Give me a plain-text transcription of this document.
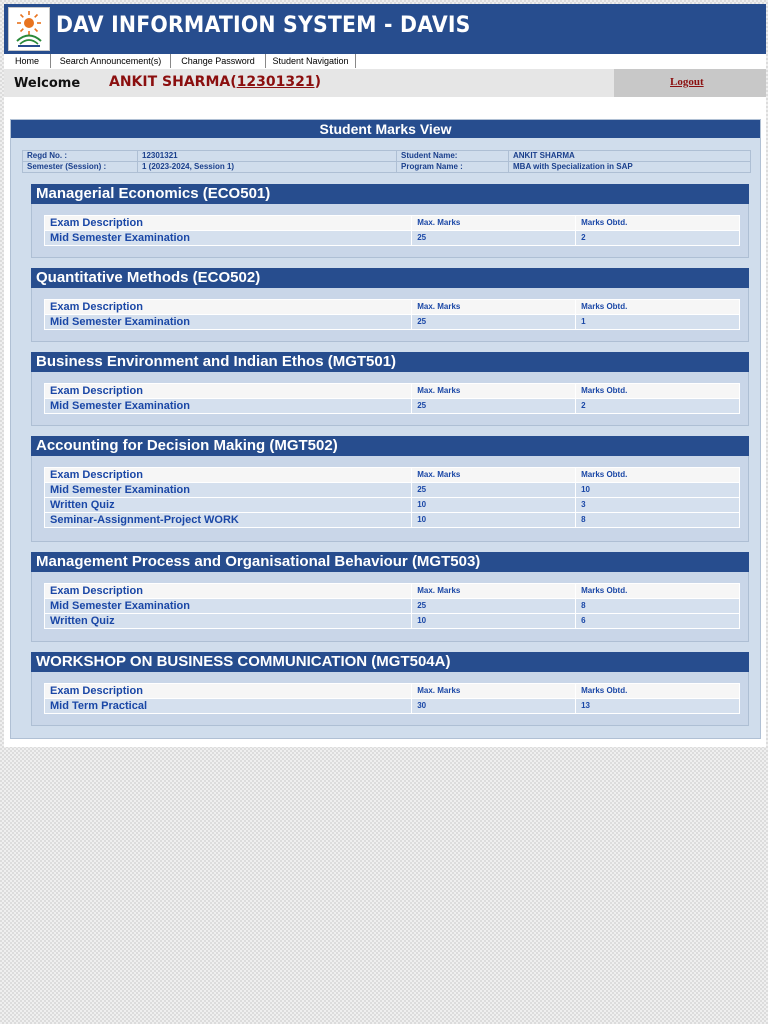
DAV INFORMATION SYSTEM - DAVIS
Home	Search Announcement(s)	Change Password	Student Navigation
Welcome ANKIT SHARMA(12301321)	Logout
Student Marks View
Regd No. :	12301321	Student Name:	ANKIT SHARMA
Semester (Session) :	1 (2023-2024, Session 1)	Program Name :	MBA with Specialization in SAP
Managerial Economics (ECO501)
Exam Description	Max. Marks	Marks Obtd.
Mid Semester Examination	25	2
Quantitative Methods (ECO502)
Exam Description	Max. Marks	Marks Obtd.
Mid Semester Examination	25	1
Business Environment and Indian Ethos (MGT501)
Exam Description	Max. Marks	Marks Obtd.
Mid Semester Examination	25	2
Accounting for Decision Making (MGT502)
Exam Description	Max. Marks	Marks Obtd.
Mid Semester Examination	25	10
Written Quiz	10	3
Seminar-Assignment-Project WORK	10	8
Management Process and Organisational Behaviour (MGT503)
Exam Description	Max. Marks	Marks Obtd.
Mid Semester Examination	25	8
Written Quiz	10	6
WORKSHOP ON BUSINESS COMMUNICATION (MGT504A)
Exam Description	Max. Marks	Marks Obtd.
Mid Term Practical	30	13
